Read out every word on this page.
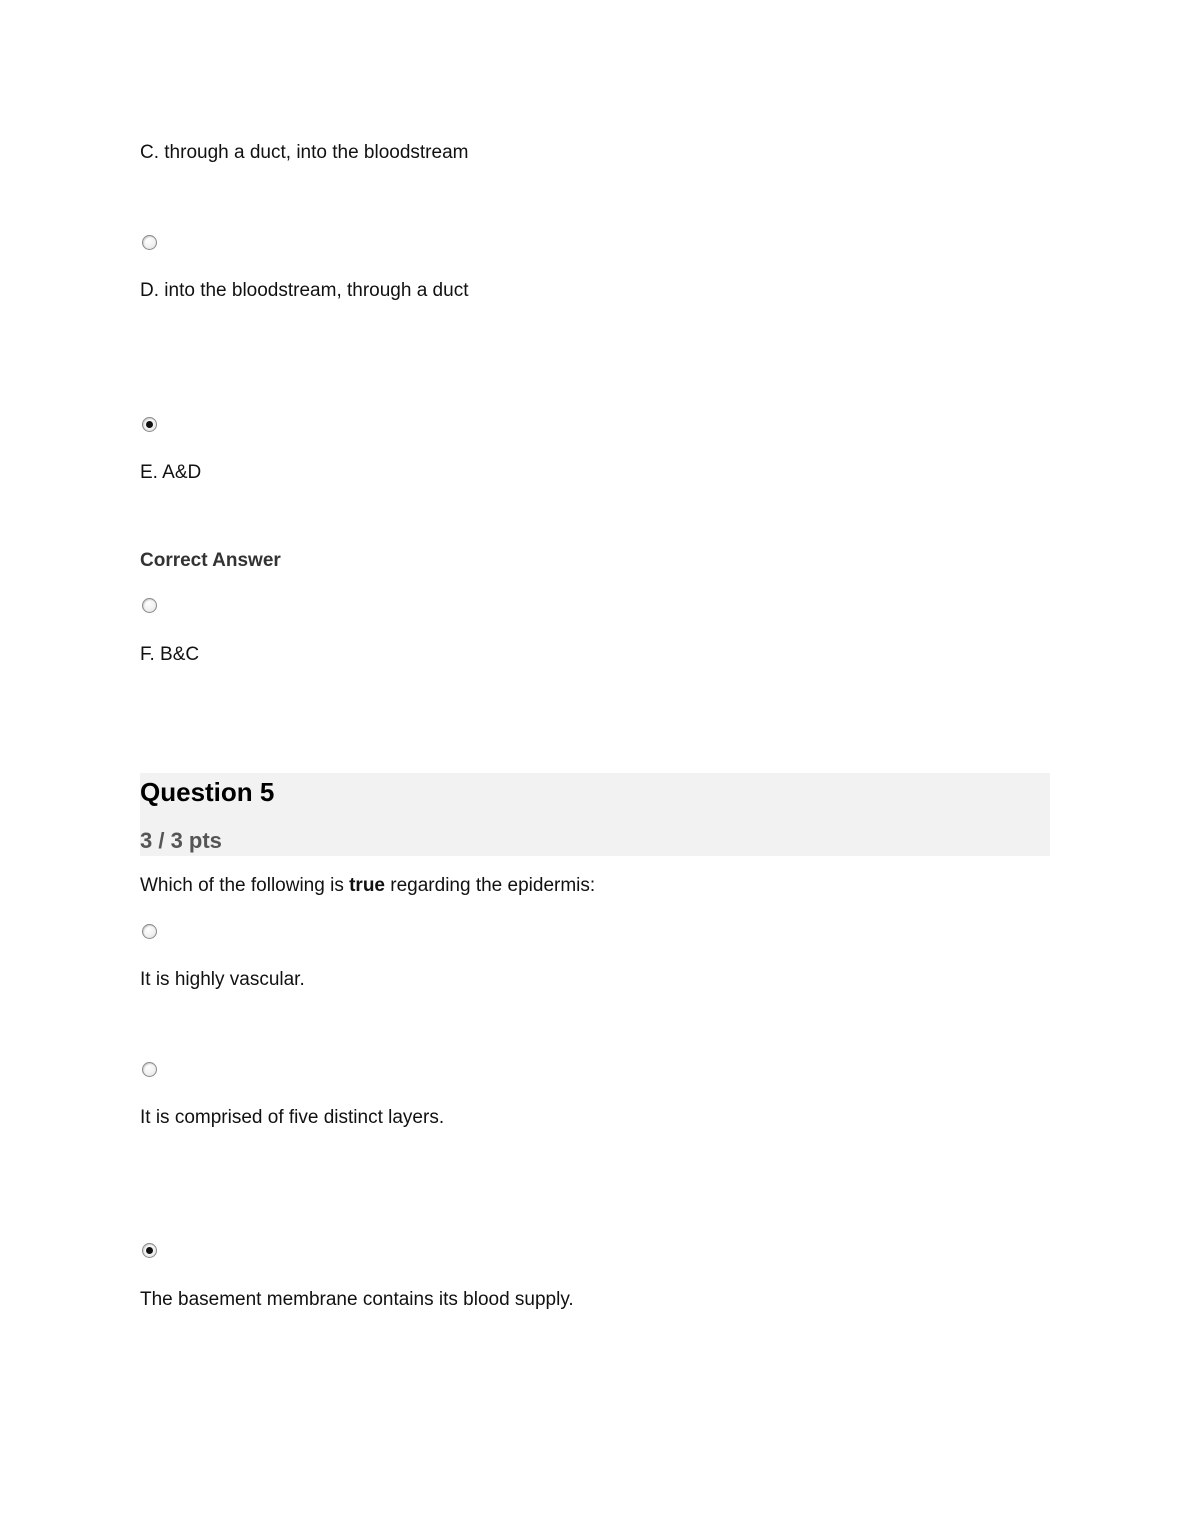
C. through a duct, into the bloodstream
D. into the bloodstream, through a duct
E. A&D
Correct Answer
F. B&C
Question 5
3 / 3 pts
Which of the following is true regarding the epidermis:
It is highly vascular.
It is comprised of five distinct layers.
The basement membrane contains its blood supply.
